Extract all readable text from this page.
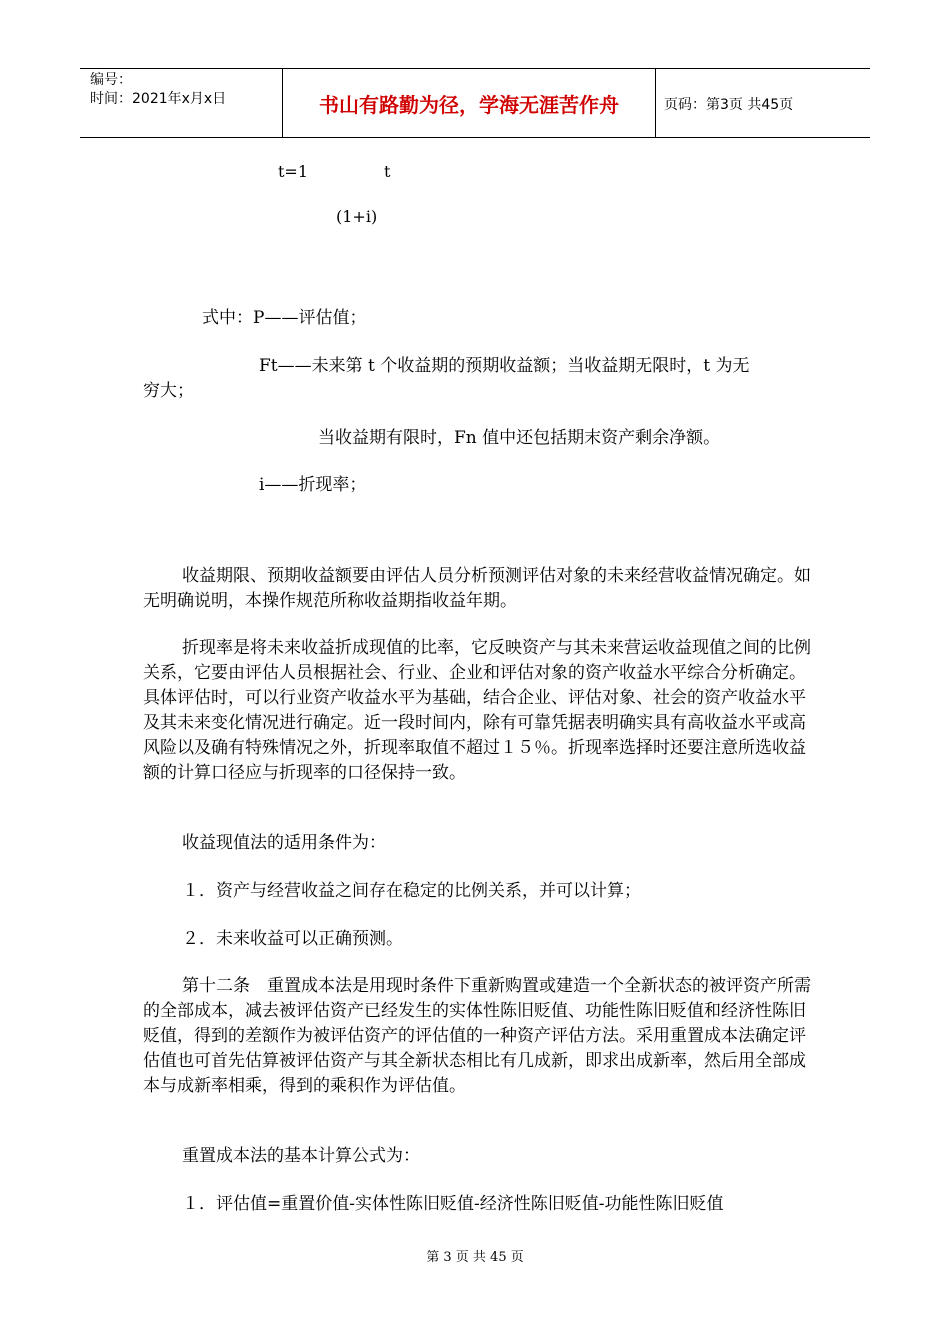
编号：
时间：2021年x月x日	书山有路勤为径，学海无涯苦作舟	页码：第3页 共45页
t=1	t
(1+i)
式中：P——评估值；
Ft——未来第 t 个收益期的预期收益额；当收益期无限时，t 为无
穷大；
当收益期有限时，Fn 值中还包括期末资产剩余净额。
i——折现率；
收益期限、预期收益额要由评估人员分析预测评估对象的未来经营收益情况确定。如无明确说明，本操作规范所称收益期指收益年期。
折现率是将未来收益折成现值的比率，它反映资产与其未来营运收益现值之间的比例关系，它要由评估人员根据社会、行业、企业和评估对象的资产收益水平综合分析确定。具体评估时，可以行业资产收益水平为基础，结合企业、评估对象、社会的资产收益水平及其未来变化情况进行确定。近一段时间内，除有可靠凭据表明确实具有高收益水平或高风险以及确有特殊情况之外，折现率取值不超过１５％。折现率选择时还要注意所选收益额的计算口径应与折现率的口径保持一致。
收益现值法的适用条件为：
１．资产与经营收益之间存在稳定的比例关系，并可以计算；
２．未来收益可以正确预测。
第十二条　重置成本法是用现时条件下重新购置或建造一个全新状态的被评资产所需的全部成本，减去被评估资产已经发生的实体性陈旧贬值、功能性陈旧贬值和经济性陈旧贬值，得到的差额作为被评估资产的评估值的一种资产评估方法。采用重置成本法确定评估值也可首先估算被评估资产与其全新状态相比有几成新，即求出成新率，然后用全部成本与成新率相乘，得到的乘积作为评估值。
重置成本法的基本计算公式为：
１．评估值=重置价值-实体性陈旧贬值-经济性陈旧贬值-功能性陈旧贬值
第 3 页 共 45 页
